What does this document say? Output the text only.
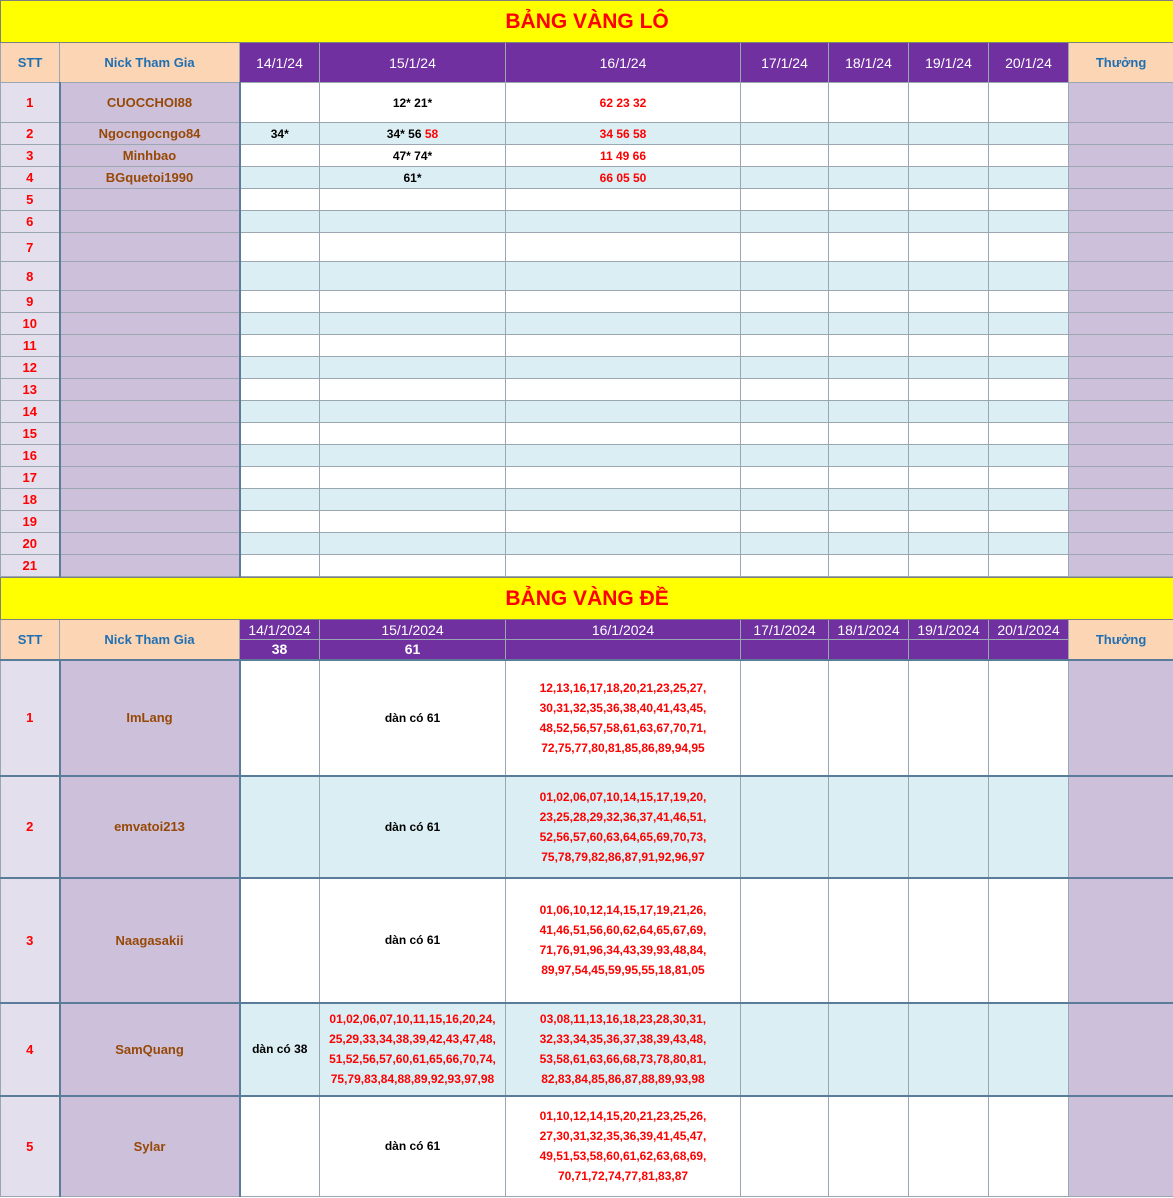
BẢNG VÀNG LÔ									
STT	Nick Tham Gia	14/1/24	15/1/24	16/1/24	17/1/24	18/1/24	19/1/24	20/1/24	Thưởng
1	CUOCCHOI88		12* 21*	62 23 32					
2	Ngocngocngo84	34*	34* 56 58	34 56 58					
3	Minhbao		47* 74*	11 49 66					
4	BGquetoi1990		61*	66 05 50					
5									
6									
7									
8									
9									
10									
11									
12									
13									
14									
15									
16									
17									
18									
19									
20									
21									
BẢNG VÀNG ĐỀ									
STT	Nick Tham Gia	14/1/2024	15/1/2024	16/1/2024	17/1/2024	18/1/2024	19/1/2024	20/1/2024	Thưởng
		38	61						
1	ImLang		dàn có 61	12,13,16,17,18,20,21,23,25,27,
30,31,32,35,36,38,40,41,43,45,
48,52,56,57,58,61,63,67,70,71,
72,75,77,80,81,85,86,89,94,95					
2	emvatoi213		dàn có 61	01,02,06,07,10,14,15,17,19,20,
23,25,28,29,32,36,37,41,46,51,
52,56,57,60,63,64,65,69,70,73,
75,78,79,82,86,87,91,92,96,97					
3	Naagasakii		dàn có 61	01,06,10,12,14,15,17,19,21,26,
41,46,51,56,60,62,64,65,67,69,
71,76,91,96,34,43,39,93,48,84,
89,97,54,45,59,95,55,18,81,05					
4	SamQuang	dàn có 38	01,02,06,07,10,11,15,16,20,24,
25,29,33,34,38,39,42,43,47,48,
51,52,56,57,60,61,65,66,70,74,
75,79,83,84,88,89,92,93,97,98	03,08,11,13,16,18,23,28,30,31,
32,33,34,35,36,37,38,39,43,48,
53,58,61,63,66,68,73,78,80,81,
82,83,84,85,86,87,88,89,93,98					
5	Sylar		dàn có 61	01,10,12,14,15,20,21,23,25,26,
27,30,31,32,35,36,39,41,45,47,
49,51,53,58,60,61,62,63,68,69,
70,71,72,74,77,81,83,87					
